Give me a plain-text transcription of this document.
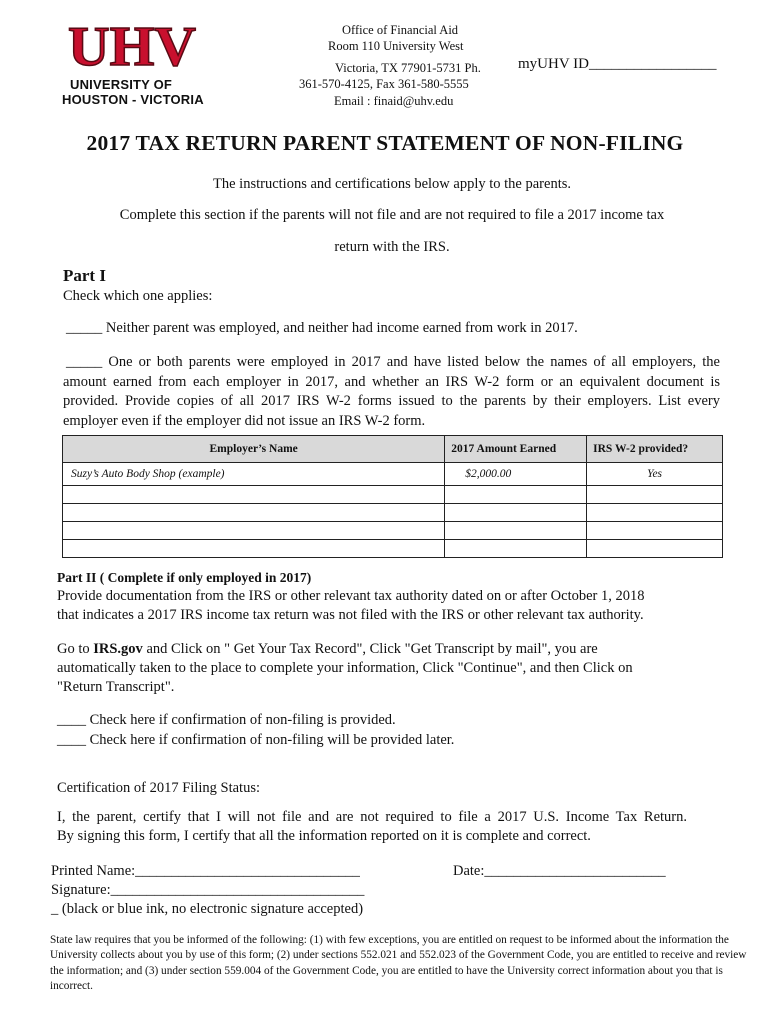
UHV
UNIVERSITY OF
HOUSTON - VICTORIA
Office of Financial Aid
Room 110 University West
Victoria, TX 77901-5731 Ph.
361-570-4125, Fax 361-580-5555
Email : finaid@uhv.edu
myUHV ID_________________
2017 TAX RETURN PARENT STATEMENT OF NON-FILING
The instructions and certifications below apply to the parents.
Complete this section if the parents will not file and are not required to file a 2017 income tax
return with the IRS.
Part I
Check which one applies:
_____ Neither parent was employed, and neither had income earned from work in 2017.
_____ One or both parents were employed in 2017 and have listed below the names of all employers, the amount earned from each employer in 2017, and whether an IRS W-2 form or an equivalent document is provided. Provide copies of all 2017 IRS W-2 forms issued to the parents by their employers. List every employer even if the employer did not issue an IRS W-2 form.
Employer’s Name	2017 Amount Earned	IRS W-2 provided?
Suzy’s Auto Body Shop (example)	$2,000.00	Yes

Part II ( Complete if only employed in 2017)
Provide documentation from the IRS or other relevant tax authority dated on or after October 1, 2018
that indicates a 2017 IRS income tax return was not filed with the IRS or other relevant tax authority.
Go to IRS.gov and Click on " Get Your Tax Record", Click "Get Transcript by mail", you are
automatically taken to the place to complete your information, Click "Continue", and then Click on
"Return Transcript".
____ Check here if confirmation of non-filing is provided.
____ Check here if confirmation of non-filing will be provided later.
Certification of 2017 Filing Status:
I, the parent, certify that I will not file and are not required to file a 2017 U.S. Income Tax Return.
By signing this form, I certify that all the information reported on it is complete and correct.
Printed Name:_______________________________	Date:_________________________
Signature:___________________________________
_ (black or blue ink, no electronic signature accepted)
State law requires that you be informed of the following: (1) with few exceptions, you are entitled on request to be informed about the information the University collects about you by use of this form; (2) under sections 552.021 and 552.023 of the Government Code, you are entitled to receive and review the information; and (3) under section 559.004 of the Government Code, you are entitled to have the University correct information about you that is incorrect.
